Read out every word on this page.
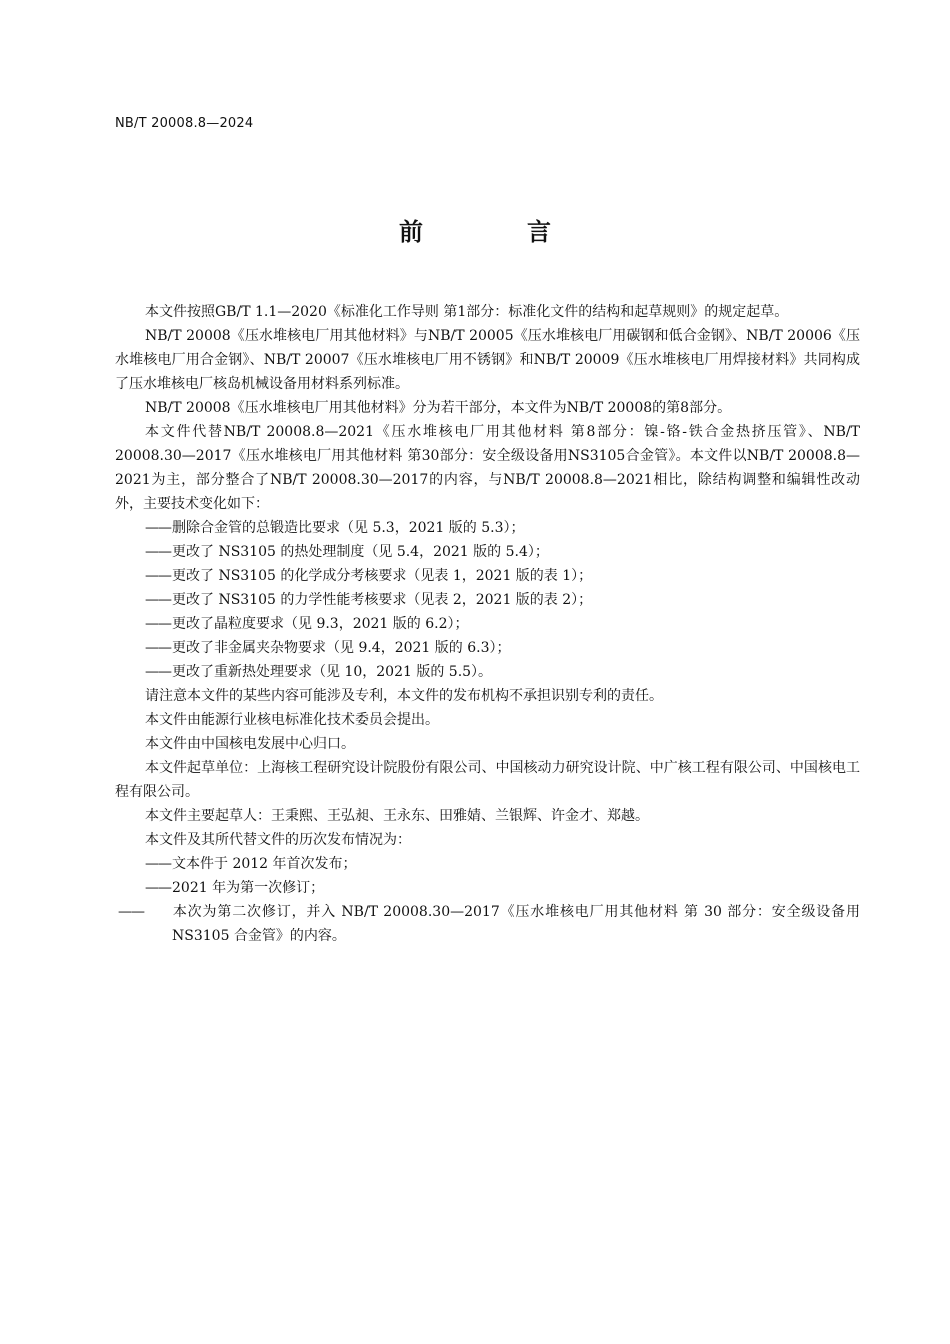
NB/T 20008.8—2024
前　言

本文件按照GB/T 1.1—2020《标准化工作导则 第1部分：标准化文件的结构和起草规则》的规定起草。

NB/T 20008《压水堆核电厂用其他材料》与NB/T 20005《压水堆核电厂用碳钢和低合金钢》、NB/T 20006《压水堆核电厂用合金钢》、NB/T 20007《压水堆核电厂用不锈钢》和NB/T 20009《压水堆核电厂用焊接材料》共同构成了压水堆核电厂核岛机械设备用材料系列标准。

NB/T 20008《压水堆核电厂用其他材料》分为若干部分，本文件为NB/T 20008的第8部分。

本文件代替NB/T 20008.8—2021《压水堆核电厂用其他材料 第8部分：镍-铬-铁合金热挤压管》、NB/T 20008.30—2017《压水堆核电厂用其他材料 第30部分：安全级设备用NS3105合金管》。本文件以NB/T 20008.8—2021为主，部分整合了NB/T 20008.30—2017的内容，与NB/T 20008.8—2021相比，除结构调整和编辑性改动外，主要技术变化如下：

——删除合金管的总锻造比要求（见 5.3，2021 版的 5.3）；

——更改了 NS3105 的热处理制度（见 5.4，2021 版的 5.4）；

——更改了 NS3105 的化学成分考核要求（见表 1，2021 版的表 1）；

——更改了 NS3105 的力学性能考核要求（见表 2，2021 版的表 2）；

——更改了晶粒度要求（见 9.3，2021 版的 6.2）；

——更改了非金属夹杂物要求（见 9.4，2021 版的 6.3）；

——更改了重新热处理要求（见 10，2021 版的 5.5）。

请注意本文件的某些内容可能涉及专利，本文件的发布机构不承担识别专利的责任。

本文件由能源行业核电标准化技术委员会提出。

本文件由中国核电发展中心归口。

本文件起草单位：上海核工程研究设计院股份有限公司、中国核动力研究设计院、中广核工程有限公司、中国核电工程有限公司。

本文件主要起草人：王秉熙、王弘昶、王永东、田雅婧、兰银辉、许金才、郑越。

本文件及其所代替文件的历次发布情况为：

——文本件于 2012 年首次发布；

——2021 年为第一次修订；

—— 本次为第二次修订，并入 NB/T 20008.30—2017《压水堆核电厂用其他材料 第 30 部分：安全级设备用 NS3105 合金管》的内容。
